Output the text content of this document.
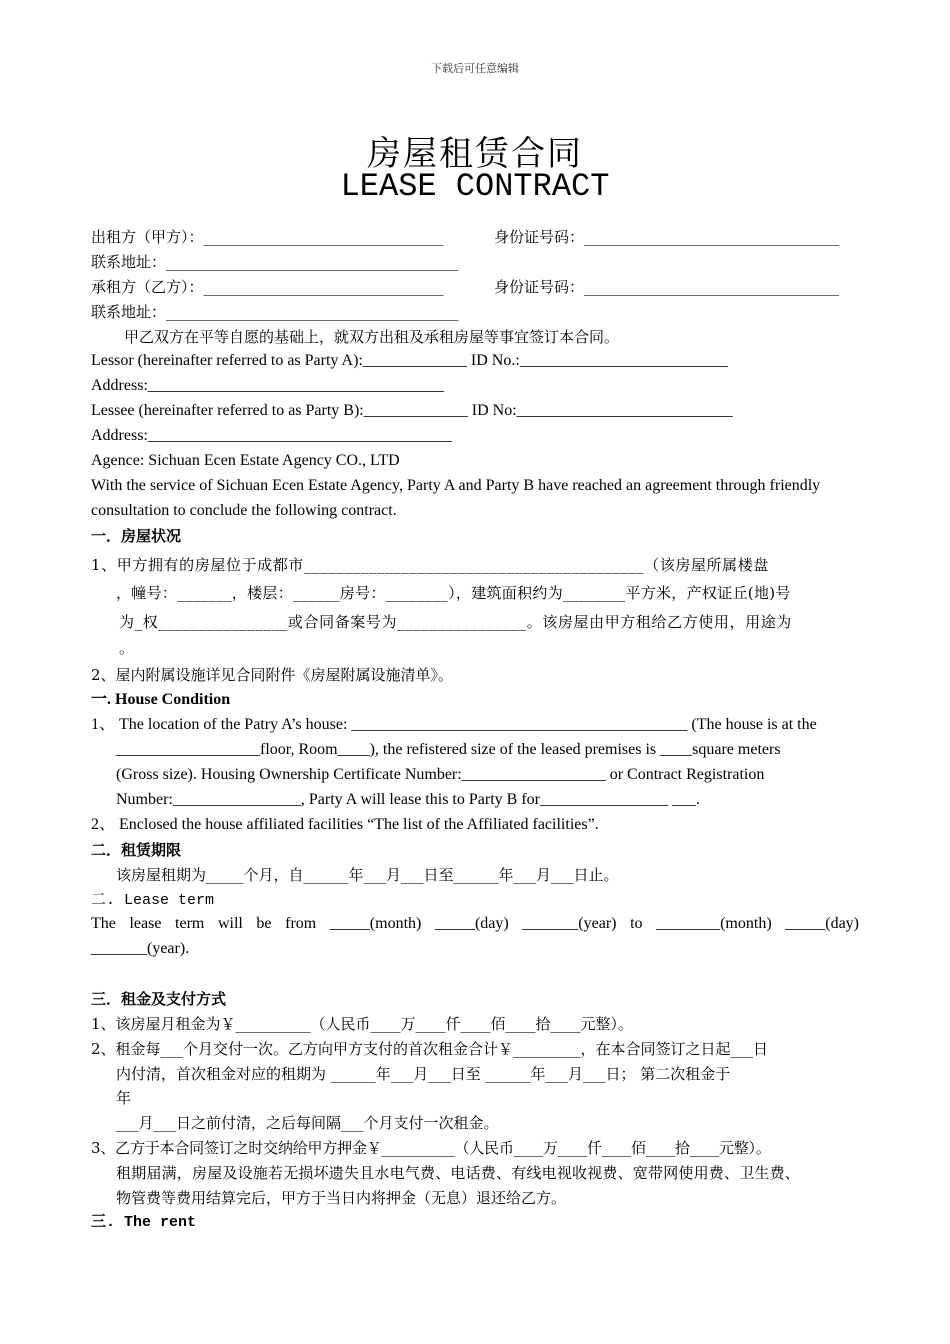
下载后可任意编辑
房屋租赁合同
LEASE CONTRACT
出租方（甲方）：________________________________	身份证号码：__________________________________
联系地址：_______________________________________
承租方（乙方）：________________________________	身份证号码：__________________________________
联系地址：_______________________________________
甲乙双方在平等自愿的基础上，就双方出租及承租房屋等事宜签订本合同。
Lessor (hereinafter referred to as Party A):_____________ ID No.:__________________________
Address:_____________________________________
Lessee (hereinafter referred to as Party B):_____________ ID No:___________________________
Address:______________________________________
Agence: Sichuan Ecen Estate Agency CO., LTD
With the service of Sichuan Ecen Estate Agency, Party A and Party B have reached an agreement through friendly
consultation to conclude the following contract.
一．房屋状况
1、甲方拥有的房屋位于成都市__________________________________________（该房屋所属楼盘
，幢号：_______，楼层：______房号：________），建筑面积约为________平方米，产权证丘(地)号
为_权________________或合同备案号为________________。该房屋由甲方租给乙方使用，用途为
。
2、屋内附属设施详见合同附件《房屋附属设施清单》。
一. House Condition
1、 The location of the Patry A’s house: __________________________________________ (The house is at the
__________________floor, Room____), the refistered size of the leased premises is ____square meters
(Gross size). Housing Ownership Certificate Number:__________________ or Contract Registration
Number:________________, Party A will lease this to Party B for________________ ___.
2、 Enclosed the house affiliated facilities “The list of the Affiliated facilities”.
二．租赁期限
该房屋租期为_____个月，自______年___月___日至______年___月___日止。
二. Lease term
The lease term will be from _____(month) _____(day) _______(year) to ________(month) _____(day)
_______(year).
三．租金及支付方式
1、该房屋月租金为￥__________（人民币____万____仟____佰____拾____元整）。
2、租金每___个月交付一次。乙方向甲方支付的首次租金合计￥_________，在本合同签订之日起___日
内付清，首次租金对应的租期为 ______年___月___日至 ______年___月___日； 第二次租金于
年
___月___日之前付清，之后每间隔___个月支付一次租金。
3、乙方于本合同签订之时交纳给甲方押金￥__________（人民币____万____仟____佰____拾____元整）。
租期届满，房屋及设施若无损坏遗失且水电气费、电话费、有线电视收视费、宽带网使用费、卫生费、
物管费等费用结算完后，甲方于当日内将押金（无息）退还给乙方。
三. The rent
